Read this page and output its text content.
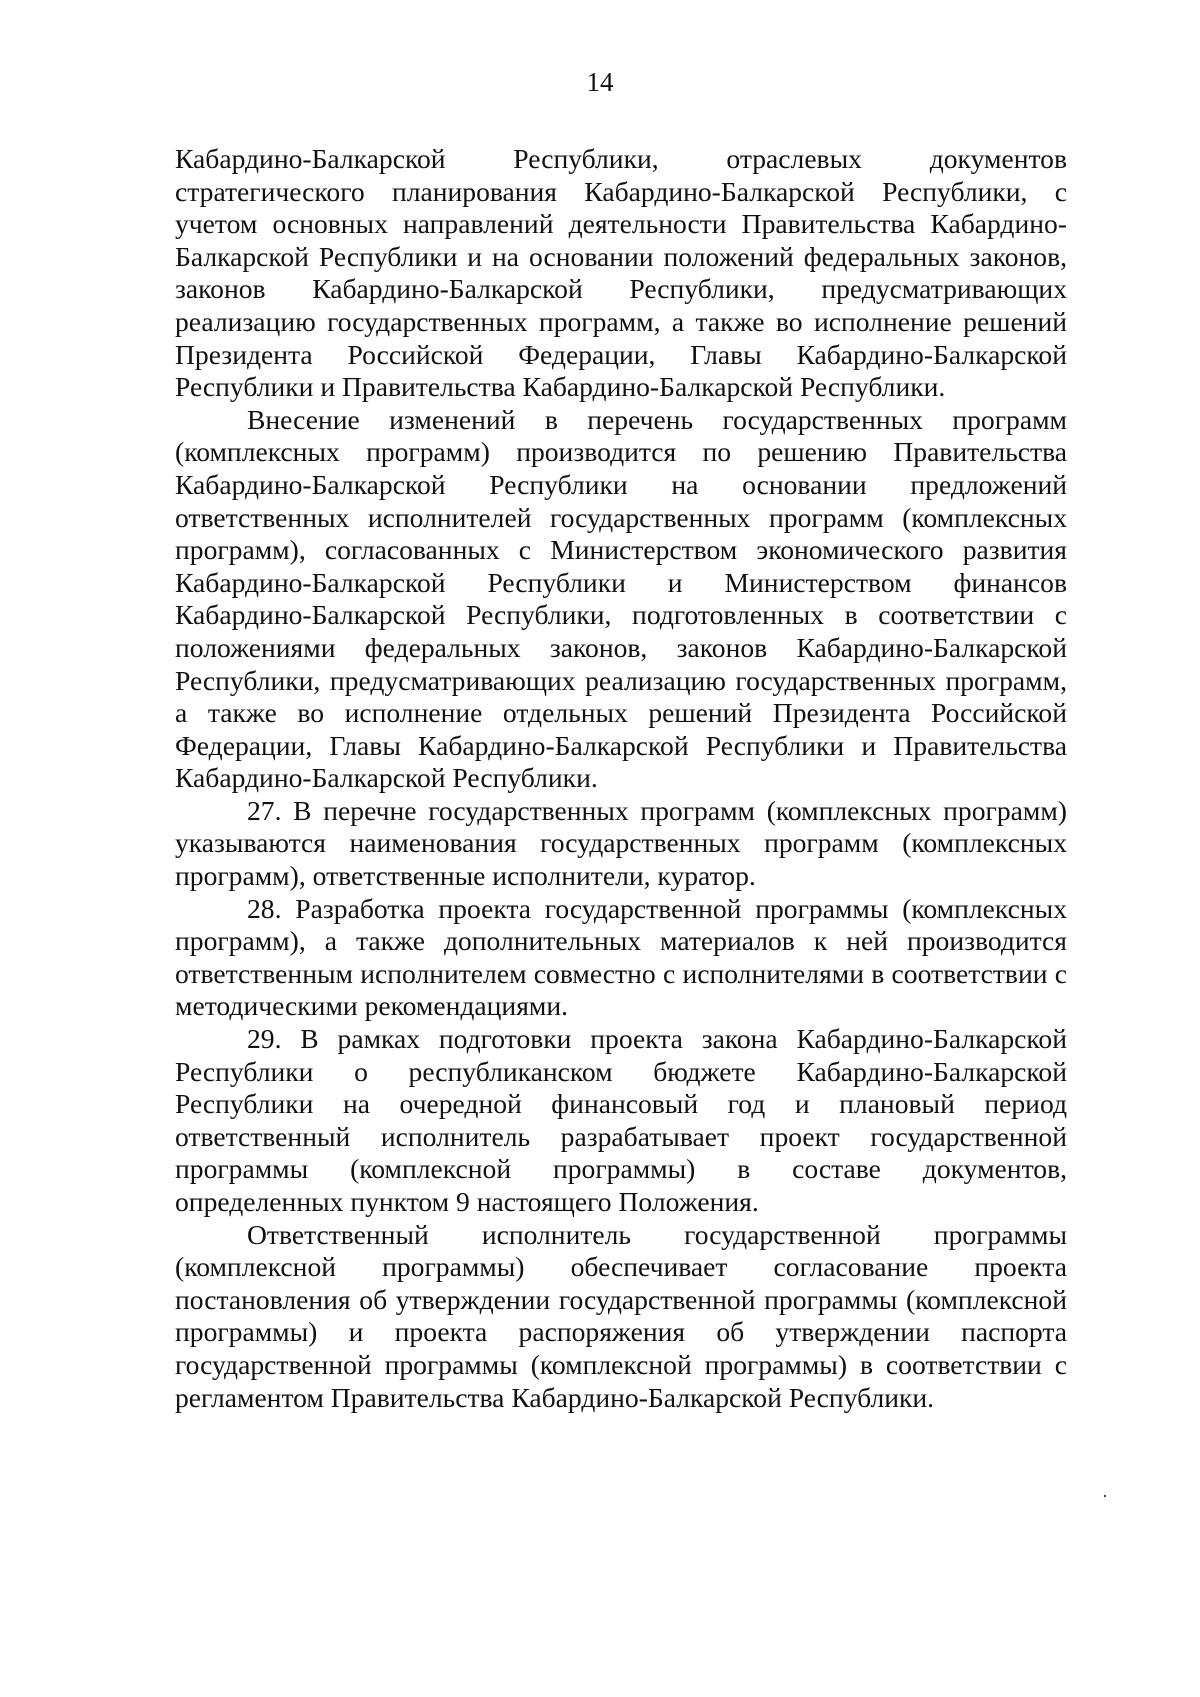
14

Кабардино-Балкарской Республики, отраслевых документов стратегического планирования Кабардино-Балкарской Республики, с учетом основных направлений деятельности Правительства Кабардино-Балкарской Республики и на основании положений федеральных законов, законов Кабардино-Балкарской Республики, предусматривающих реализацию государственных программ, а также во исполнение решений Президента Российской Федерации, Главы Кабардино-Балкарской Республики и Правительства Кабардино-Балкарской Республики.

Внесение изменений в перечень государственных программ (комплексных программ) производится по решению Правительства Кабардино-Балкарской Республики на основании предложений ответственных исполнителей государственных программ (комплексных программ), согласованных с Министерством экономического развития Кабардино-Балкарской Республики и Министерством финансов Кабардино-Балкарской Республики, подготовленных в соответствии с положениями федеральных законов, законов Кабардино-Балкарской Республики, предусматривающих реализацию государственных программ, а также во исполнение отдельных решений Президента Российской Федерации, Главы Кабардино-Балкарской Республики и Правительства Кабардино-Балкарской Республики.

27. В перечне государственных программ (комплексных программ) указываются наименования государственных программ (комплексных программ), ответственные исполнители, куратор.

28. Разработка проекта государственной программы (комплексных программ), а также дополнительных материалов к ней производится ответственным исполнителем совместно с исполнителями в соответствии с методическими рекомендациями.

29. В рамках подготовки проекта закона Кабардино-Балкарской Республики о республиканском бюджете Кабардино-Балкарской Республики на очередной финансовый год и плановый период ответственный исполнитель разрабатывает проект государственной программы (комплексной программы) в составе документов, определенных пунктом 9 настоящего Положения.

Ответственный исполнитель государственной программы (комплексной программы) обеспечивает согласование проекта постановления об утверждении государственной программы (комплексной программы) и проекта распоряжения об утверждении паспорта государственной программы (комплексной программы) в соответствии с регламентом Правительства Кабардино-Балкарской Республики.
